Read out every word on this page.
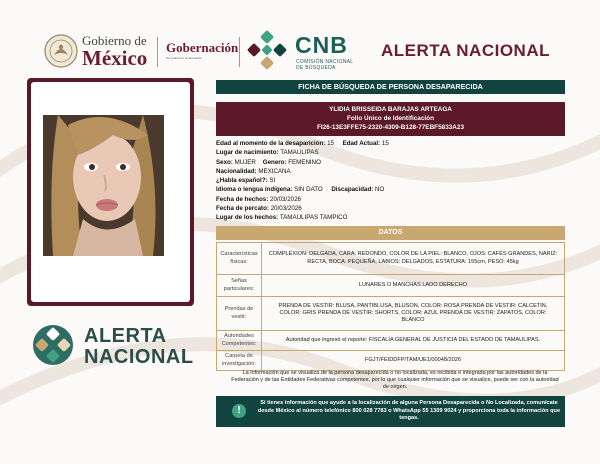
Gobierno de
México Gobernación
Secretaría de Gobernación	CNB
COMISIÓN NACIONAL
DE BÚSQUEDA
ALERTA NACIONAL
ALERTA
NACIONAL
FICHA DE BÚSQUEDA DE PERSONA DESAPARECIDA
YLIDIA BRISSEIDA BARAJAS ARTEAGA
Folio Único de Identificación
FI26-13E3FFE75-2320-4309-B128-77EBF5833A23
Edad al momento de la desaparición: 15 Edad Actual: 15
Lugar de nacimiento: TAMAULIPAS
Sexo: MUJER Genero: FEMENINO
Nacionalidad: MEXICANA
¿Habla español?: SI
Idioma o lengua indígena: SIN DATO Discapacidad: NO
Fecha de hechos: 20/03/2026
Fecha de percato: 20/03/2026
Lugar de los hechos: TAMAULIPAS TAMPICO
DATOS
Características físicas:	COMPLEXION: DELGADA, CARA: REDONDO, COLOR DE LA PIEL: BLANCO, OJOS: CAFÉS GRANDES, NARIZ: RECTA, BOCA: PEQUEÑA, LABIOS: DELGADOS, ESTATURA: 155cm, PESO: 45kg
Señas particulares:	LUNARES O MANCHAS LADO DERECHO
Prendas de vestir:	PRENDA DE VESTIR: BLUSA, PANTIBLUSA, BLUSON, COLOR: ROSA PRENDA DE VESTIR: CALCETIN, COLOR: GRIS PRENDA DE VESTIR: SHORTS, COLOR: AZUL PRENDA DE VESTIR: ZAPATOS, COLOR: BLANCO
Autoridades Competentes:	Autoridad que ingresó el reporte: FISCALÍA GENERAL DE JUSTICIA DEL ESTADO DE TAMAULIPAS.
Carpeta de investigación:	FGJT/FEIDDFP/TAM/UE1/00048/2026
La información que se visualiza de la persona desaparecida o no localizada, es recibida e integrada por las autoridades de la Federación y de las Entidades Federativas competentes, por lo que cualquier información que se visualice, puede ser con la autoridad de origen.
!
Si tienes información que ayude a la localización de alguna Persona Desaparecida o No Localizada, comunícate desde México al número telefónico 800 028 7783 o WhatsApp 55 1309 9024 y proporciona toda la información que tengas.
